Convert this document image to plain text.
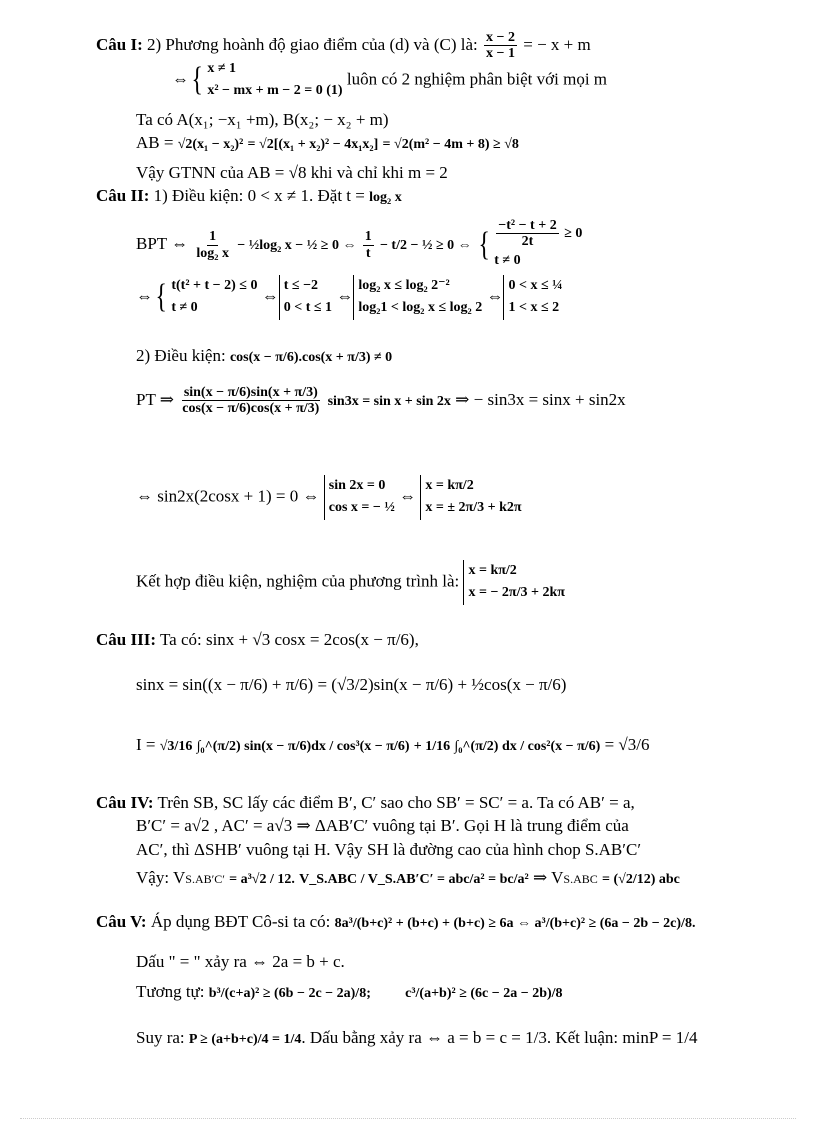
Câu I: 2) Phương hoành độ giao điểm của (d) và (C) là: $\frac{x - 2}{x - 1}$ = − x + m
⇔{ x ≠ 1
x² − mx + m − 2 = 0 (1)
luôn có 2 nghiệm phân biệt với mọi m
Ta có A(x₁; −x₁ +m), B(x₂; − x₂ + m)
AB = √2(x₁ − x₂)² = √2[(x₁ + x₂)² − 4x₁x₂] = √2(m² − 4m + 8) ≥ √8
Vậy GTNN của AB = √8 khi và chỉ khi m = 2
Câu II: 1) Điều kiện: 0 < x ≠ 1. Đặt t = log₂ x
BPT ⇔ $\frac{1}{\text{log₂ x}}$ − ½log₂ x − ½ ≥ 0 ⇔ $\frac{1}{t} - t/2$ − ½ ≥ 0 ⇔ { $\frac{\text{−t² − t + 2}}{2t} \ge 0$
t ≠ 0
⇔{ t(t² + t − 2) ≤ 0
t ≠ 0
⇔
t ≤ −2
0 < t ≤ 1
⇔
log₂ x ≤ log₂ 2⁻²
log₂1 < log₂ x ≤ log₂ 2
⇔
0 < x ≤ ¼
1 < x ≤ 2
2) Điều kiện: cos(x − π/6).cos(x + π/3) ≠ 0
PT ⇒ $\frac{\sin(x - \pi/6)\sin(x + \pi/3)}{\cos(x - \pi/6)\cos(x + \pi/3)} \sin 3x = \sin x + \sin 2x$ ⇒ − sin3x = sinx + sin2x
⇔ sin2x(2cosx + 1) = 0 ⇔
sin 2x = 0
cos x = − ½
⇔
x = kπ/2
x = ± 2π/3 + k2π
Kết hợp điều kiện, nghiệm của phương trình là:
x = kπ/2
x = − 2π/3 + 2kπ
Câu III: Ta có: sinx + √3 cosx = 2cos(x − π/6),
sinx = sin((x − π/6) + π/6) = (√3/2)sin(x − π/6) + ½cos(x − π/6)
I = √3/16 ∫₀^(π/2) sin(x − π/6)dx / cos³(x − π/6) + 1/16 ∫₀^(π/2) dx / cos²(x − π/6) = √3/6
Câu IV: Trên SB, SC lấy các điểm B′, C′ sao cho SB′ = SC′ = a. Ta có AB′ = a,
B′C′ = a√2 , AC′ = a√3 ⇒ ΔAB′C′ vuông tại B′. Gọi H là trung điểm của
AC′, thì ΔSHB′ vuông tại H. Vậy SH là đường cao của hình chop S.AB′C′
Vậy: VS.AB′C′ = a³√2 / 12. V_S.ABC / V_S.AB′C′ = abc/a² = bc/a² ⇒ VS.ABC = (√2/12) abc
Câu V: Áp dụng BĐT Cô-si ta có: 8a³/(b+c)² + (b+c) + (b+c) ≥ 6a ⇔ a³/(b+c)² ≥ (6a − 2b − 2c)/8.
Dấu " = " xảy ra ⇔ 2a = b + c.
Tương tự: b³/(c+a)² ≥ (6b − 2c − 2a)/8; c³/(a+b)² ≥ (6c − 2a − 2b)/8
Suy ra: P ≥ (a+b+c)/4 = 1/4. Dấu bằng xảy ra ⇔ a = b = c = 1/3. Kết luận: minP = 1/4
